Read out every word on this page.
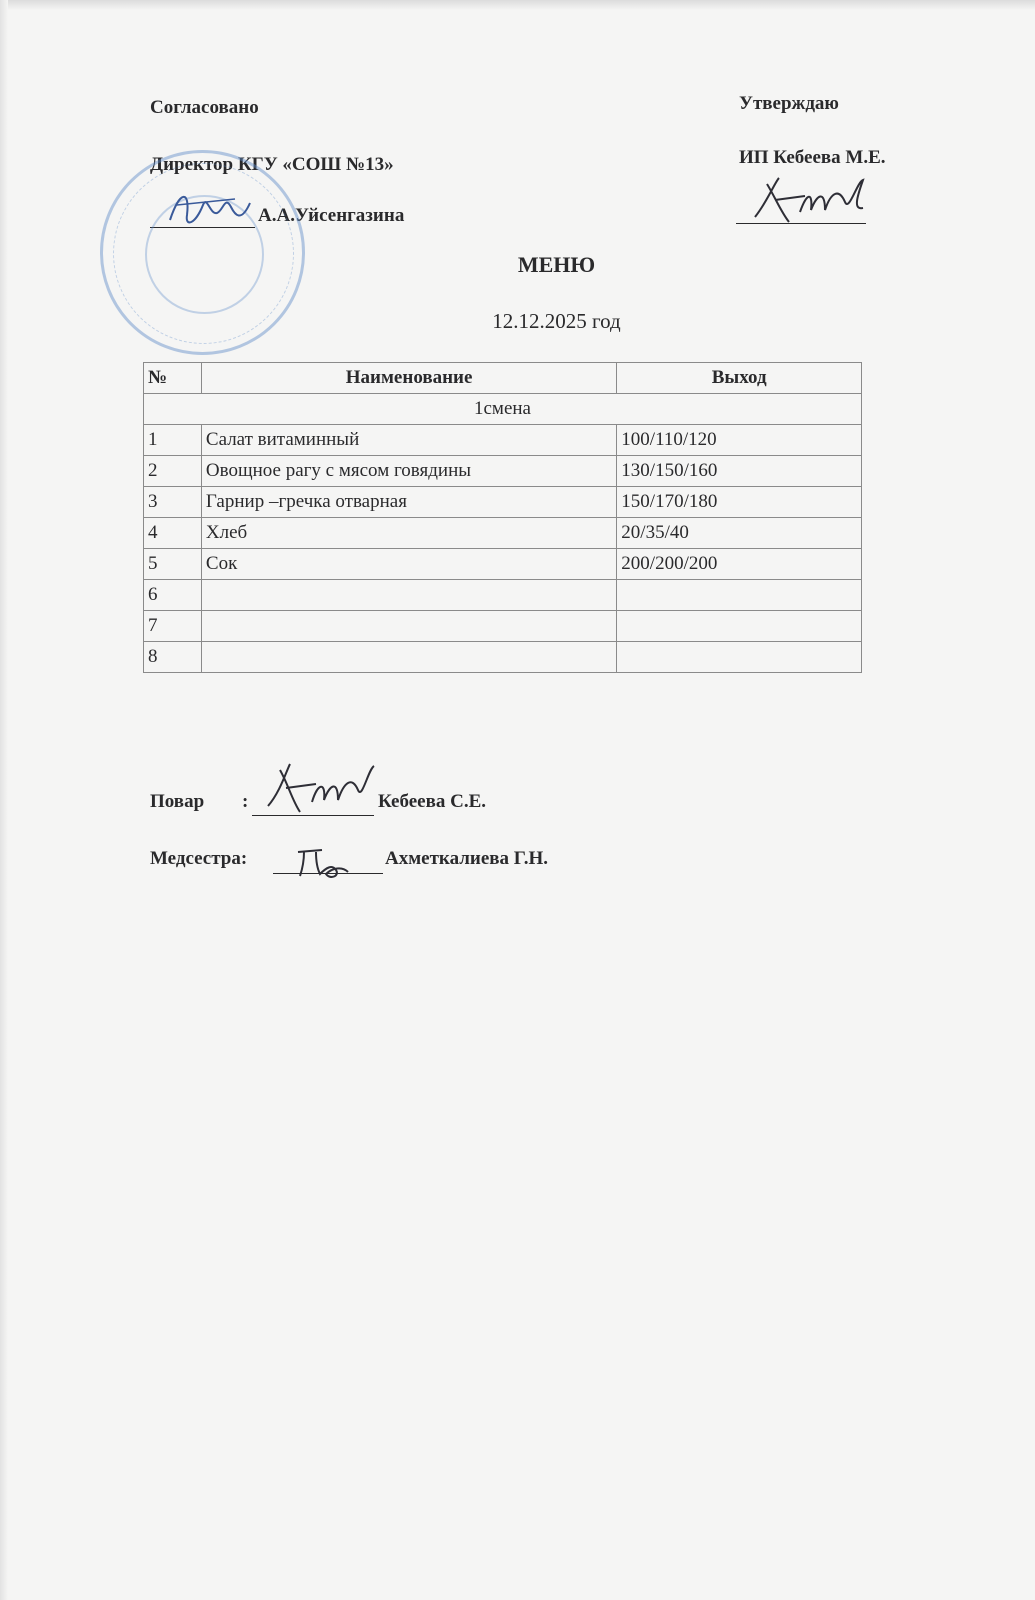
Согласовано
Директор КГУ «СОШ №13»
А.А.Уйсенгазина
Утверждаю
ИП Кебеева М.Е.
МЕНЮ
12.12.2025 год
№	Наименование	Выход
1смена		
1	Салат витаминный	100/110/120
2	Овощное рагу с мясом говядины	130/150/160
3	Гарнир –гречка отварная	150/170/180
4	Хлеб	20/35/40
5	Сок	200/200/200
6		
7		
8		
Повар :	Кебеева С.Е.
Медсестра:	Ахметкалиева Г.Н.
